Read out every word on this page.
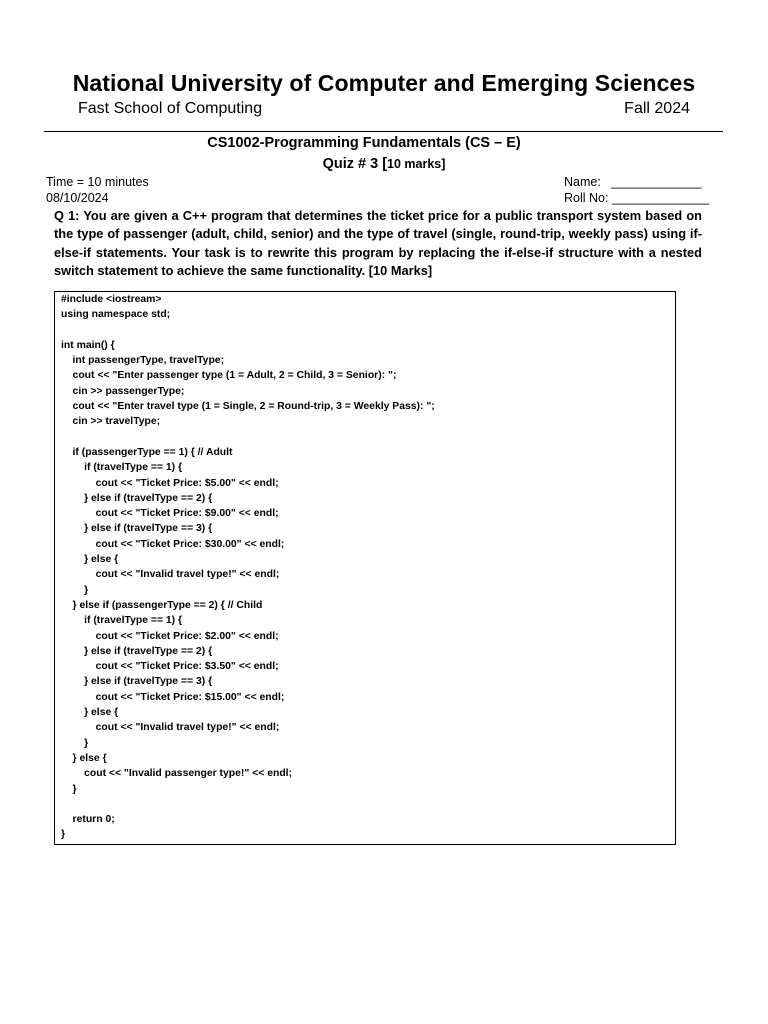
National University of Computer and Emerging Sciences
Fast School of Computing	Fall 2024
CS1002-Programming Fundamentals (CS – E)
Quiz # 3 [10 marks]
Time = 10 minutes
08/10/2024
Name:   _____________
Roll No: ______________
Q 1: You are given a C++ program that determines the ticket price for a public transport system based on the type of passenger (adult, child, senior) and the type of travel (single, round-trip, weekly pass) using if-else-if statements. Your task is to rewrite this program by replacing the if-else-if structure with a nested switch statement to achieve the same functionality. [10 Marks]
#include <iostream>
using namespace std;

int main() {
int passengerType, travelType;
cout << "Enter passenger type (1 = Adult, 2 = Child, 3 = Senior): ";
cin >> passengerType;
cout << "Enter travel type (1 = Single, 2 = Round-trip, 3 = Weekly Pass): ";
cin >> travelType;

if (passengerType == 1) { // Adult
if (travelType == 1) {
cout << "Ticket Price: $5.00" << endl;
} else if (travelType == 2) {
cout << "Ticket Price: $9.00" << endl;
} else if (travelType == 3) {
cout << "Ticket Price: $30.00" << endl;
} else {
cout << "Invalid travel type!" << endl;
}
} else if (passengerType == 2) { // Child
if (travelType == 1) {
cout << "Ticket Price: $2.00" << endl;
} else if (travelType == 2) {
cout << "Ticket Price: $3.50" << endl;
} else if (travelType == 3) {
cout << "Ticket Price: $15.00" << endl;
} else {
cout << "Invalid travel type!" << endl;
}
} else {
cout << "Invalid passenger type!" << endl;
}

return 0;
}
